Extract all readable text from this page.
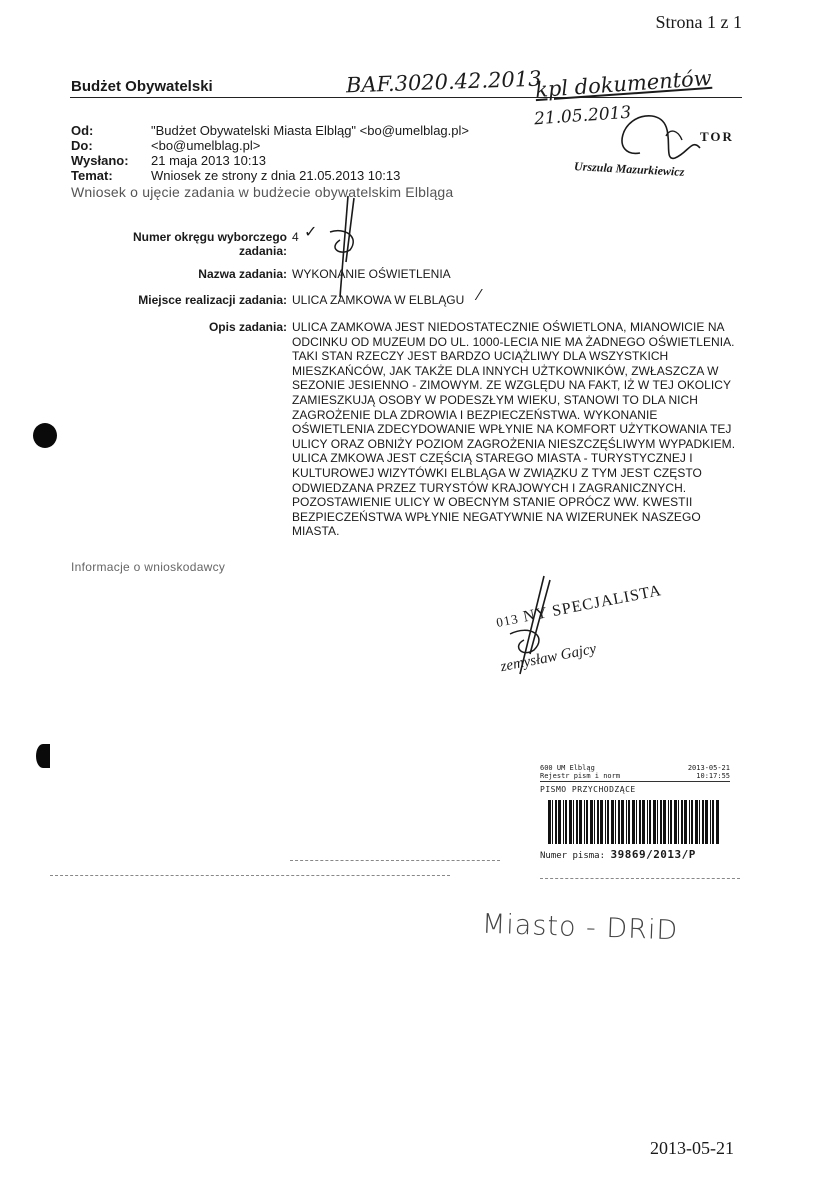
Strona 1 z 1
2013-05-21
Budżet Obywatelski
Od:	"Budżet Obywatelski Miasta Elbląg" <bo@umelblag.pl>
Do:	<bo@umelblag.pl>
Wysłano: 21 maja 2013 10:13
Temat:	Wniosek ze strony z dnia 21.05.2013 10:13
Wniosek o ujęcie zadania w budżecie obywatelskim Elbląga
Numer okręgu wyborczego
zadania:
4 ✓
Nazwa zadania: WYKONANIE OŚWIETLENIA
Miejsce realizacji zadania: ULICA ZAMKOWA W ELBLĄGU ⁄
Opis zadania: ULICA ZAMKOWA JEST NIEDOSTATECZNIE OŚWIETLONA, MIANOWICIE NA ODCINKU OD MUZEUM DO UL. 1000-LECIA NIE MA ŻADNEGO OŚWIETLENIA. TAKI STAN RZECZY JEST BARDZO UCIĄŻLIWY DLA WSZYSTKICH MIESZKAŃCÓW, JAK TAKŻE DLA INNYCH UŻTKOWNIKÓW, ZWŁASZCZA W SEZONIE JESIENNO - ZIMOWYM. ZE WZGLĘDU NA FAKT, IŻ W TEJ OKOLICY ZAMIESZKUJĄ OSOBY W PODESZŁYM WIEKU, STANOWI TO DLA NICH ZAGROŻENIE DLA ZDROWIA I BEZPIECZEŃSTWA. WYKONANIE OŚWIETLENIA ZDECYDOWANIE WPŁYNIE NA KOMFORT UŻYTKOWANIA TEJ ULICY ORAZ OBNIŻY POZIOM ZAGROŻENIA NIESZCZĘŚLIWYM WYPADKIEM. ULICA ZMKOWA JEST CZĘŚCIĄ STAREGO MIASTA - TURYSTYCZNEJ I KULTUROWEJ WIZYTÓWKI ELBLĄGA W ZWIĄZKU Z TYM JEST CZĘSTO ODWIEDZANA PRZEZ TURYSTÓW KRAJOWYCH I ZAGRANICZNYCH. POZOSTAWIENIE ULICY W OBECNYM STANIE OPRÓCZ WW. KWESTII BEZPIECZEŃSTWA WPŁYNIE NEGATYWNIE NA WIZERUNEK NASZEGO MIASTA.
Informacje o wnioskodawcy
BAF.3020.42.2013
kpl dokumentów
21.05.2013
TOR
Urszula Mazurkiewicz
013 NY SPECJALISTA
zemysław Gajcy
Miasto - DRiD
600 UM Elbląg	2013-05-21
Rejestr pism i norm	10:17:55
PISMO PRZYCHODZĄCE
Numer pisma: 39869/2013/P
